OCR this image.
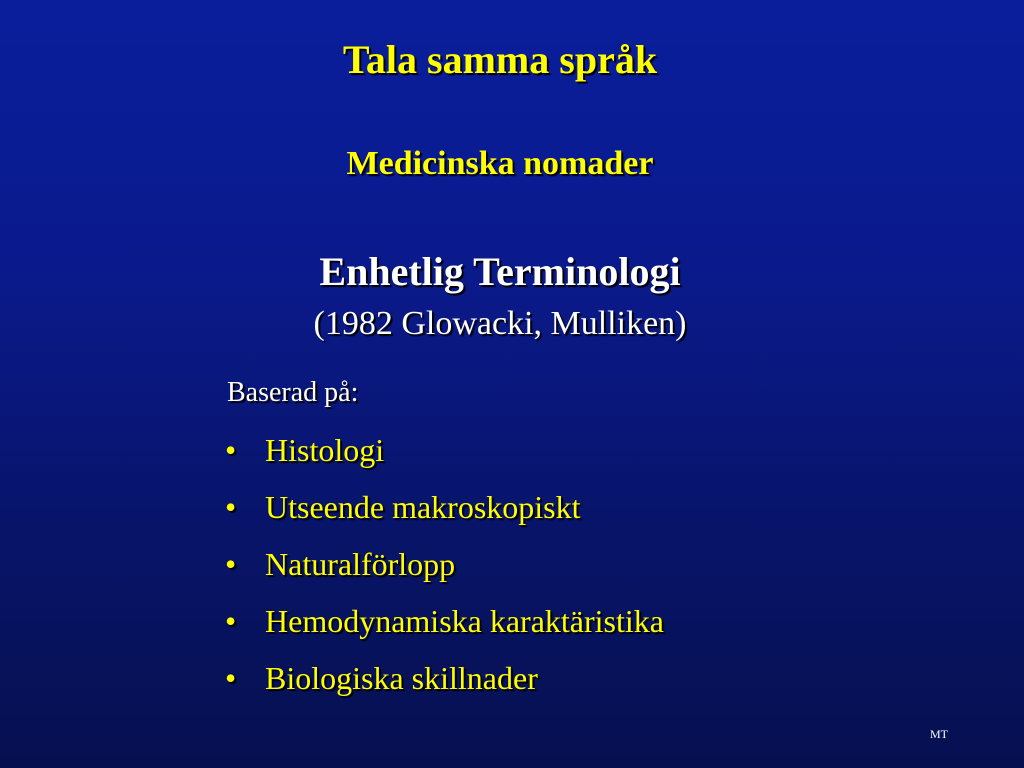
Tala samma språk
Medicinska nomader
Enhetlig Terminologi

(1982 Glowacki, Mulliken)

Baserad på:

• Histologi
• Utseende makroskopiskt
• Naturalförlopp
• Hemodynamiska karaktäristika
• Biologiska skillnader

MT
